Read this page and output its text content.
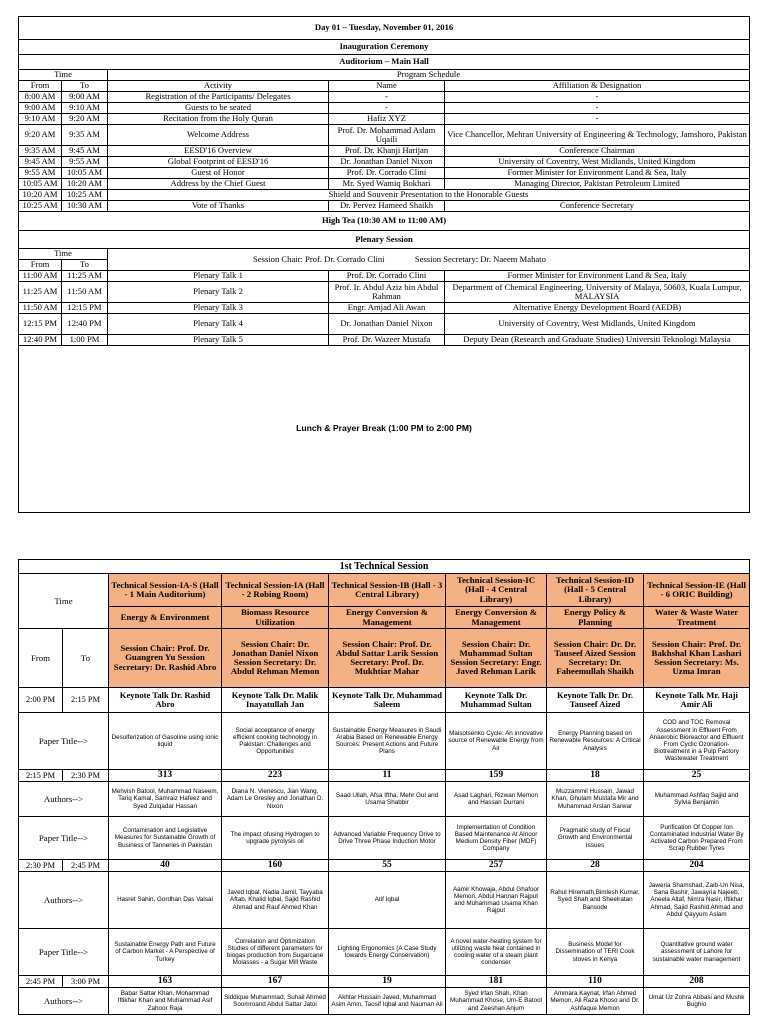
Day 01 – Tuesday, November 01, 2016				
Inauguration Ceremony				
Auditorium – Main Hall				
Time		Program Schedule		
From	To	Activity	Name	Affiliation & Designation
8:00 AM	9:00 AM	Registration of the Participants/ Delegates	-	-
9:00 AM	9:10 AM	Guests to be seated	-	-
9:10 AM	9:20 AM	Recitation from the Holy Quran	Hafiz XYZ	-
9:20 AM	9:35 AM	Welcome Address	Prof. Dr. Mohammad Aslam Uqaili	Vice Chancellor, Mehran University of Engineering & Technology, Jamshoro, Pakistan
9:35 AM	9:45 AM	EESD'16 Overview	Prof. Dr. Khanji Harijan	Conference Chairman
9:45 AM	9:55 AM	Global Footprint of EESD'16	Dr. Jonathan Daniel Nixon	University of Coventry, West Midlands, United Kingdom
9:55 AM	10:05 AM	Guest of Honor	Prof. Dr. Corrado Clini	Former Minister for Environment Land & Sea, Italy
10:05 AM	10:20 AM	Address by the Chief Guest	Mr. Syed Wamiq Bokhari	Managing Director, Pakistan Petroleum Limited
10:20 AM	10:25 AM	Shield and Souvenir Presentation to the Honorable Guests		
10:25 AM	10:30 AM	Vote of Thanks	Dr. Pervez Hameed Shaikh	Conference Secretary
High Tea (10:30 AM to 11:00 AM)				
Plenary Session				
Time		Session Chair: Prof. Dr. Corrado Clini Session Secretary: Dr. Naeem Mahato		
From	To			
11:00 AM	11:25 AM	Plenary Talk 1	Prof. Dr. Corrado Clini	Former Minister for Environment Land & Sea, Italy
11:25 AM	11:50 AM	Plenary Talk 2	Prof. Ir. Abdul Aziz bin Abdul Rahman	Department of Chemical Engineering, University of Malaya, 50603, Kuala Lumpur, MALAYSIA
11:50 AM	12:15 PM	Plenary Talk 3	Engr. Amjad Ali Awan	Alternative Energy Development Board (AEDB)
12:15 PM	12:40 PM	Plenary Talk 4	Dr. Jonathan Daniel Nixon	University of Coventry, West Midlands, United Kingdom
12:40 PM	1:00 PM	Plenary Talk 5	Prof. Dr. Wazeer Mustafa	Deputy Dean (Research and Graduate Studies) Universiti Teknologi Malaysia
Lunch & Prayer Break (1:00 PM to 2:00 PM)				
1st Technical Session							
Time		Technical Session-IA-S (Hall - 1 Main Auditorium)	Technical Session-IA (Hall - 2 Robing Room)	Technical Session-IB (Hall - 3 Central Library)	Technical Session-IC (Hall - 4 Central Library)	Technical Session-ID (Hall - 5 Central Library)	Technical Session-IE (Hall - 6 ORIC Building)
		Energy & Environment	Biomass Resource Utilization	Energy Conversion & Management	Energy Conversion & Management	Energy Policy & Planning	Water & Waste Water Treatment
From	To	Session Chair: Prof. Dr. Guangren Yu Session Secretary: Dr. Rashid Abro	Session Chair: Dr. Jonathan Daniel Nixon Session Secretary: Dr. Abdul Rehman Memon	Session Chair: Prof. Dr. Abdul Sattar Larik Session Secretary: Prof. Dr. Mukhtiar Mahar	Session Chair: Dr. Muhammad Sultan Session Secretary: Engr. Javed Rehman Larik	Session Chair: Dr. Dr. Tauseef Aized Session Secretary: Dr. Faheemullah Shaikh	Session Chair: Prof. Dr. Bakhshal Khan Lashari Session Secretary: Ms. Uzma Imran
2:00 PM	2:15 PM	Keynote Talk Dr. Rashid Abro	Keynote Talk Dr. Malik Inayatullah Jan	Keynote Talk Dr. Muhammad Saleem	Keynote Talk Dr. Muhammad Sultan	Keynote Talk Dr. Dr. Tauseef Aized	Keynote Talk Mr. Haji Amir Ali
Paper Title-->		Desulferization of Gasoline using ionic liquid	Social acceptance of energy efficient cooking technology in Pakistan: Challenges and Opportunities	Sustainable Energy Measures in Saudi Arabia Based on Renewable Energy Sources: Present Actions and Future Plans	Maisotsenko Cycle: An innovative source of Renewable Energy from Air	Energy Planning based on Renewable Resources: A Critical Analysis	COD and TOC Removal Assessment in Effluent From Anaerobic Bioreactor and Effluent From Cyclic Ozonation-Biotreatment in a Pulp Factory Wastewater Treatment
2:15 PM	2:30 PM	313	223	11	159	18	25
Authors-->		Mehvish Batool, Muhammad Naseem, Tariq Kamal, Samraiz Hafeez and Syed Zulqadar Hassan	Diana N. Vienescu, Jian Wang, Adam Le Gresley and Jonathan D. Nixon	Saad Ullah, Afsa Iftha, Mehr Gul and Usama Shabbir	Asad Laghari, Rizwan Memon and Hassan Durrani	Muzzammil Hussain, Jawad Khan, Ghulam Mustafa Mir and Muhammad Arslan Sarwar	Muhammad Ashfaq Sajjid and Sylvia Benjamin
Paper Title-->		Contamination and Legislative Measures for Sustainable Growth of Business of Tanneries in Pakistan	The impact ofusing Hydrogen to upgrade pyrolysis oil	Advanced Variable Frequency Drive to Drive Three Phase Induction Motor	Implementation of Condition Based Maintenance At Alnoor Medium Density Fiber (MDF) Company	Pragmatic study of Fiscal Growth and Environmental Issues	Purification Of Copper Ion Contaminated Industrial Water By Activated Carbon Prepared From Scrap Rubber Tyres
2:30 PM	2:45 PM	40	160	55	257	28	204
Authors-->		Hasret Sahin, Gordhan Das Valsai	Javed Iqbal, Nadia Jamil, Tayyaba Aftab, Khalid Iqbal, Sajid Rashid Ahmad and Rauf Ahmed Khan	Atif Iqbal	Aamir Khowaja, Abdul Ghafoor Memon, Abdul Hannan Rajput and Muhammad Usama Khan Rajput	Rahul Hiremath,Bimlesh Kumar, Syed Shah and Sheelratan Bansode	Jaweria Shamshad, Zaib-Un Nisa, Sana Bashir, Jawayria Najeeb, Aneela Altaf, Nimra Nasir, Iftikhar Ahmad, Sajid Rashid Ahmad and Abdul Qayyum Aslam
Paper Title-->		Sustainable Energy Path and Future of Carbon Market - A Perspective of Turkey	Correlation and Optimization Studies of different parameters for biogas production from Sugarcane Molasses - a Sugar Mill Waste	Lighting Ergonomics (A Case Study towards Energy Conservation)	A novel water-heating system for utilizing waste heat contained in cooling water of a steam plant condenser	Business Model for Dissemination of TERI Cook stoves in Kenya	Quantitative ground water assessment of Lahore for sustainable water management
2:45 PM	3:00 PM	163	167	19	181	110	208
Authors-->		Babar Sattar Khan, Mohammad Iftikhar Khan and Muhammad Asif Zahoor Raja	Siddique Muhammad, Suhail Ahmed Soomroand Abdul Sattar Jatoi	Akhtar Hussain Javed, Muhammad Asim Amin, Taosif Iqbal and Nauman Ali	Syed Irfan Shah, Khan Muhammad Khose, Um-E Batool and Zeeshan Anjum	Ammara Kaynat, Irfan Ahmed Memon, Ali Raza Khoso and Dr. Ashfaque Memon	Umat Uz Zohra Abbasi and Mushk Bughio
